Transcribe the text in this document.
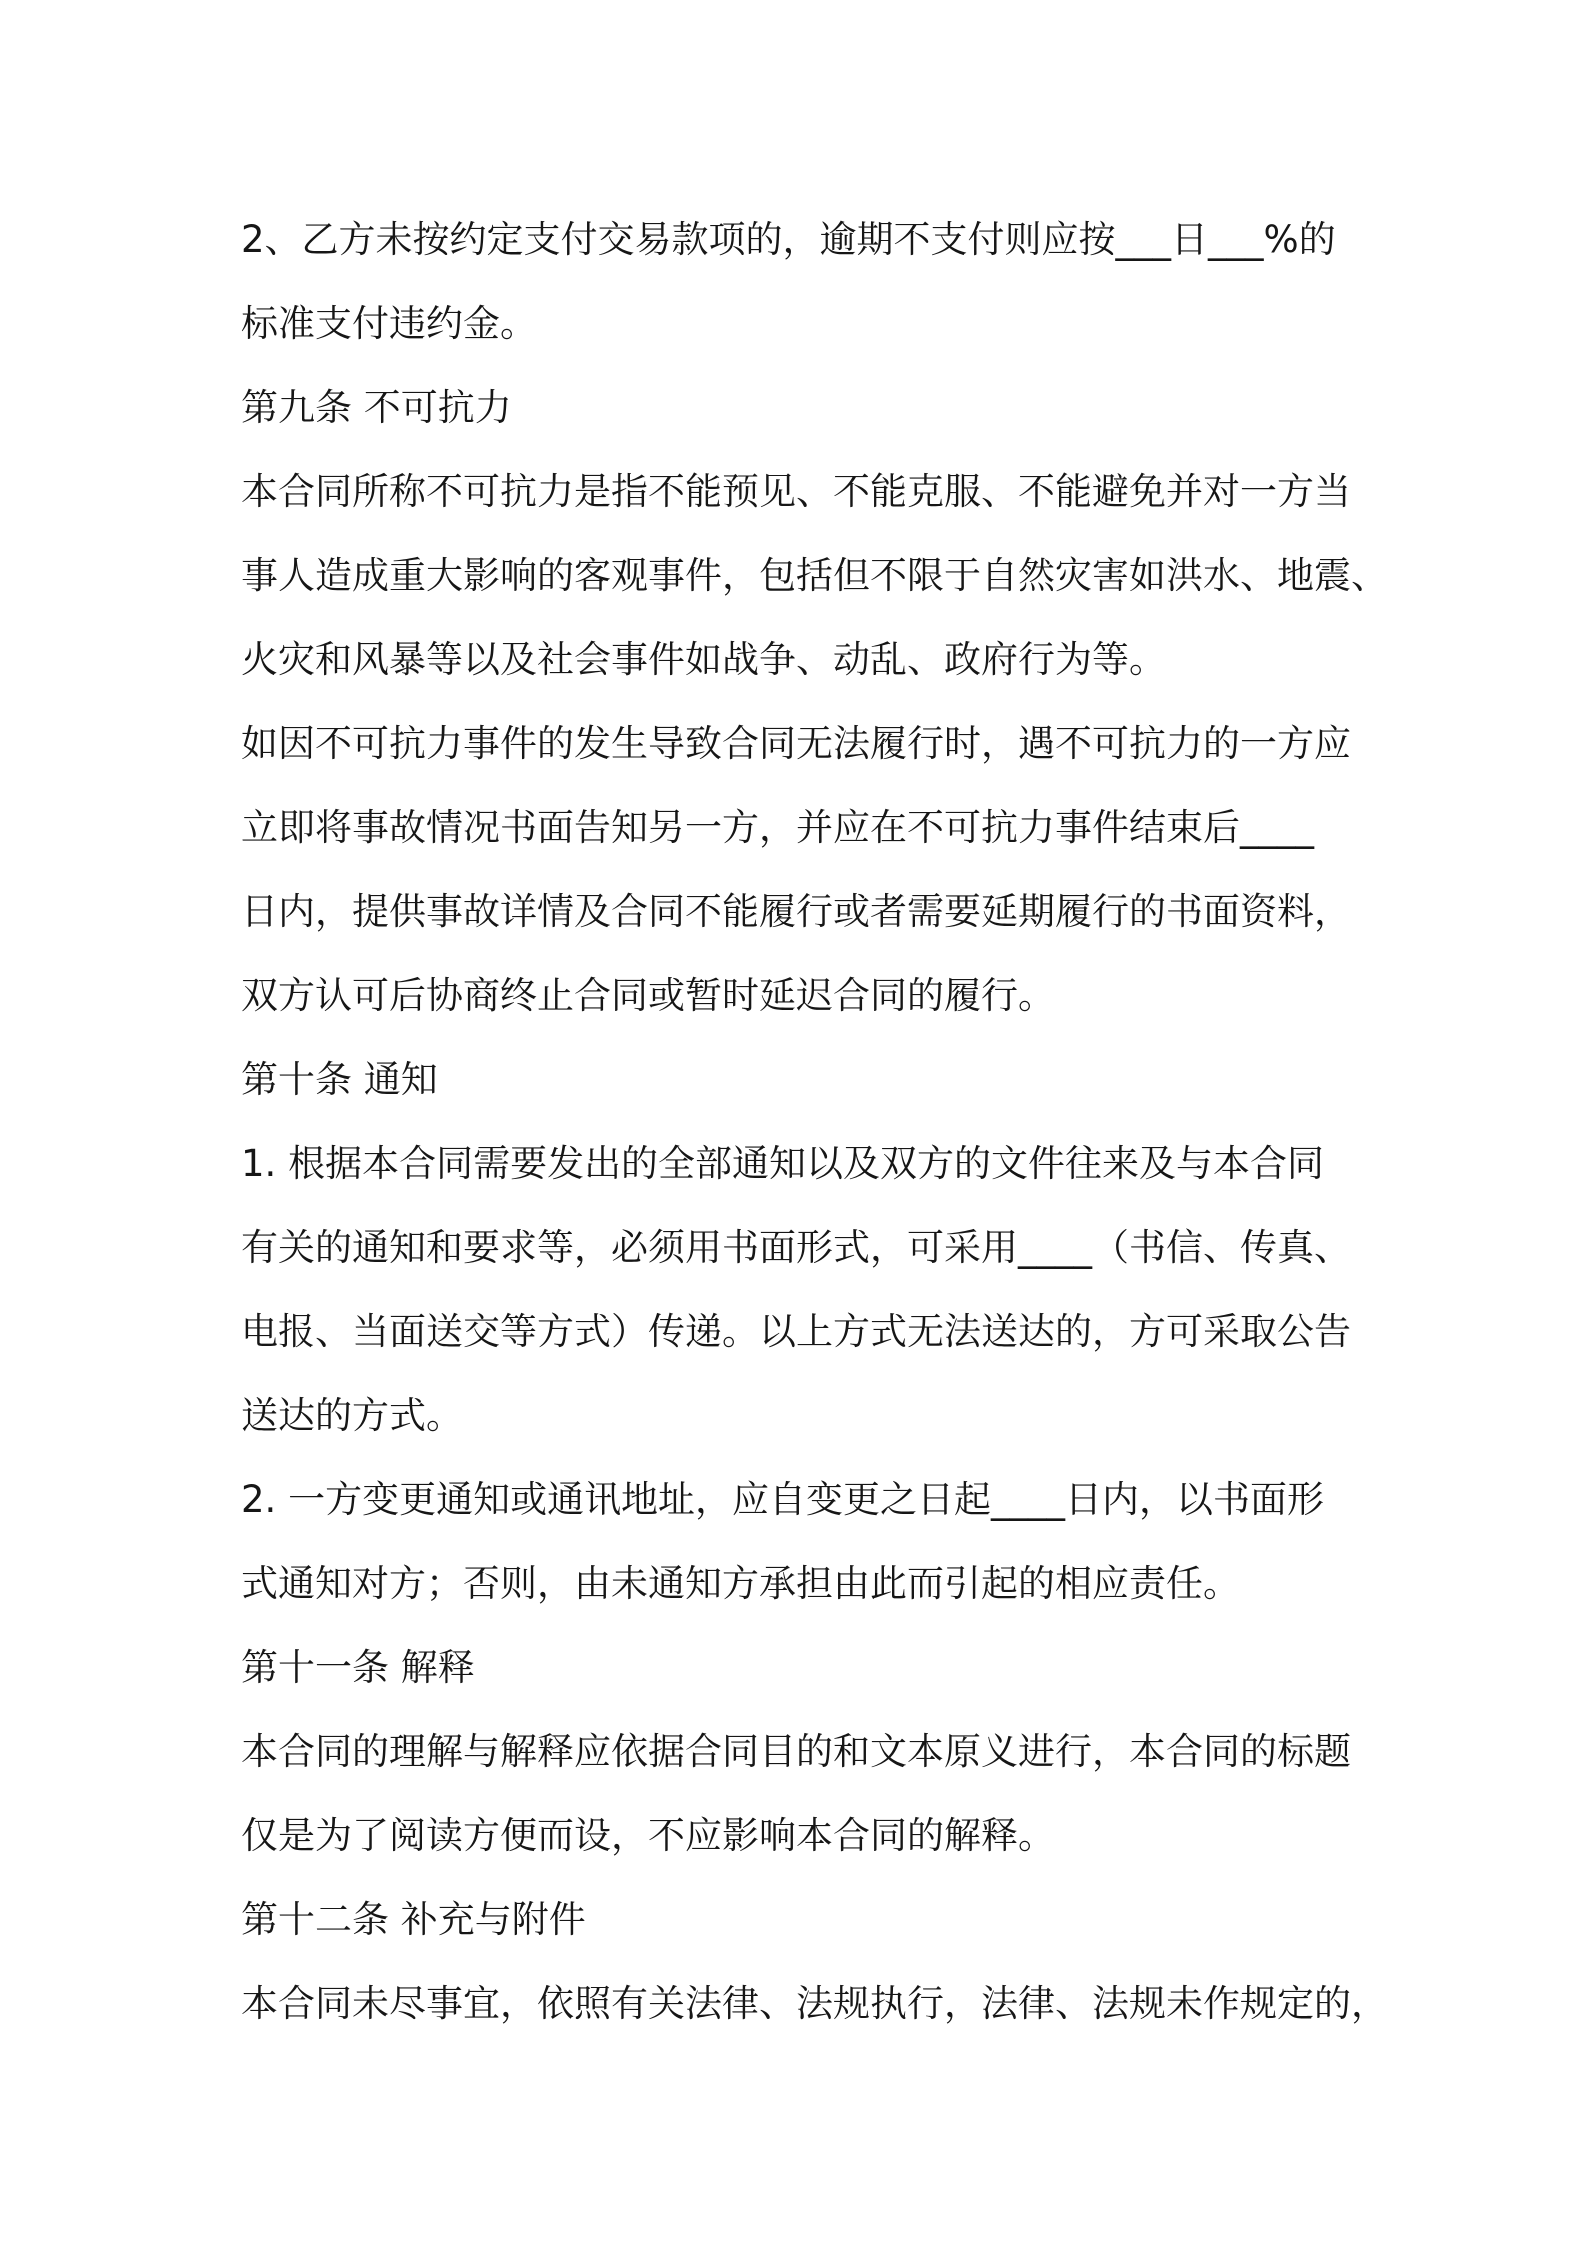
2、乙方未按约定支付交易款项的，逾期不支付则应按___日___%的

标准支付违约金。

第九条 不可抗力

本合同所称不可抗力是指不能预见、不能克服、不能避免并对一方当

事人造成重大影响的客观事件，包括但不限于自然灾害如洪水、地震、

火灾和风暴等以及社会事件如战争、动乱、政府行为等。

如因不可抗力事件的发生导致合同无法履行时，遇不可抗力的一方应

立即将事故情况书面告知另一方，并应在不可抗力事件结束后____

日内，提供事故详情及合同不能履行或者需要延期履行的书面资料，

双方认可后协商终止合同或暂时延迟合同的履行。

第十条 通知

1. 根据本合同需要发出的全部通知以及双方的文件往来及与本合同

有关的通知和要求等，必须用书面形式，可采用____（书信、传真、

电报、当面送交等方式）传递。以上方式无法送达的，方可采取公告

送达的方式。

2. 一方变更通知或通讯地址，应自变更之日起____日内，以书面形

式通知对方；否则，由未通知方承担由此而引起的相应责任。

第十一条 解释

本合同的理解与解释应依据合同目的和文本原义进行，本合同的标题

仅是为了阅读方便而设，不应影响本合同的解释。

第十二条 补充与附件

本合同未尽事宜，依照有关法律、法规执行，法律、法规未作规定的，
